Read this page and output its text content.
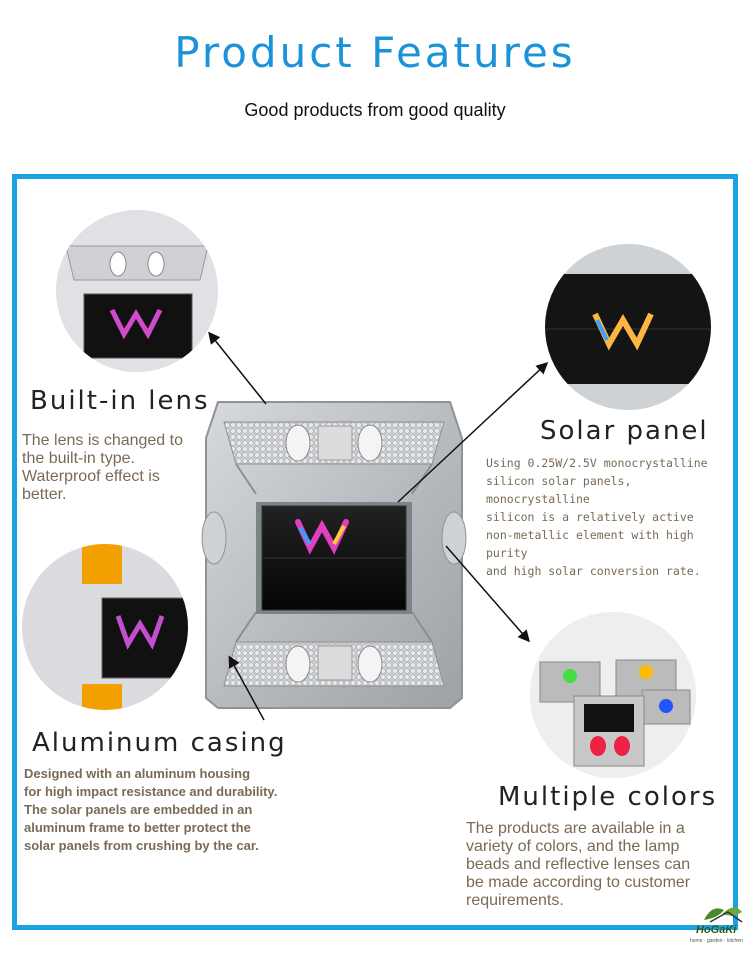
Product Features
Good products from good quality
Built-in lens
The lens is changed to
the built-in type.
Waterproof effect is
better.
Solar panel
Using 0.25W/2.5V monocrystalline
silicon solar panels, monocrystalline
silicon is a relatively active
non-metallic element with high purity
and high solar conversion rate.
Aluminum casing
Designed with an aluminum housing
for high impact resistance and durability.
The solar panels are embedded in an
aluminum frame to better protect the
solar panels from crushing by the car.
Multiple colors
The products are available in a
variety of colors, and the lamp
beads and reflective lenses can
be made according to customer
requirements.
HoGaKi
home · garden · kitchen
